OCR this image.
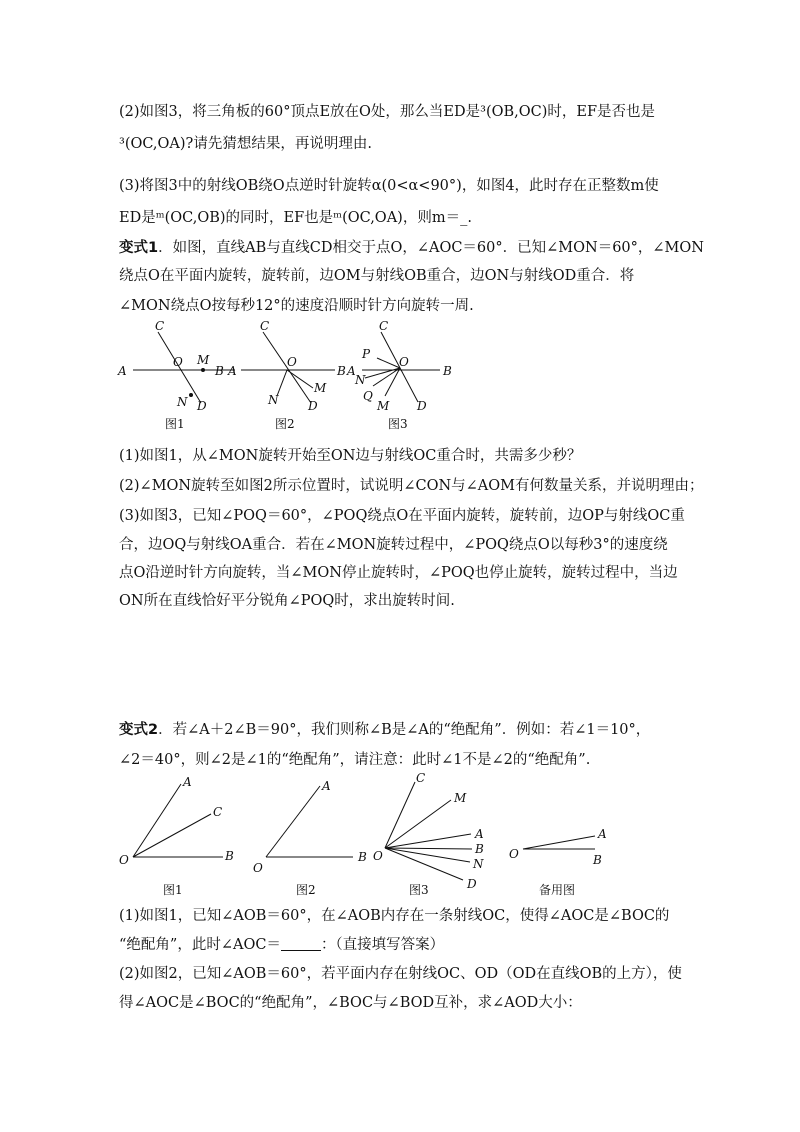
(2)如图3，将三角板的60°顶点E放在O处，那么当ED是³(OB,OC)时，EF是否也是
³(OC,OA)?请先猜想结果，再说明理由.
(3)将图3中的射线OB绕O点逆时针旋转α(0<α<90°)，如图4，此时存在正整数m使
ED是ᵐ(OC,OB)的同时，EF也是ᵐ(OC,OA)，则m＝_.
变式1．如图，直线AB与直线CD相交于点O，∠AOC＝60°．已知∠MON＝60°，∠MON
绕点O在平面内旋转，旋转前，边OM与射线OB重合，边ON与射线OD重合．将
∠MON绕点O按每秒12°的速度沿顺时针方向旋转一周.
A
C
O M
B
N D
图1
A
C
O
M
B
N D
图2
C
P
O
A
N
B
Q
M D
图3
(1)如图1，从∠MON旋转开始至ON边与射线OC重合时，共需多少秒？
(2)∠MON旋转至如图2所示位置时，试说明∠CON与∠AOM有何数量关系，并说明理由；
(3)如图3，已知∠POQ＝60°，∠POQ绕点O在平面内旋转，旋转前，边OP与射线OC重
合，边OQ与射线OA重合．若在∠MON旋转过程中，∠POQ绕点O以每秒3°的速度绕
点O沿逆时针方向旋转，当∠MON停止旋转时，∠POQ也停止旋转，旋转过程中，当边
ON所在直线恰好平分锐角∠POQ时，求出旋转时间.
变式2．若∠A＋2∠B＝90°，我们则称∠B是∠A的“绝配角”．例如：若∠1＝10°，
∠2＝40°，则∠2是∠1的“绝配角”，请注意：此时∠1不是∠2的“绝配角”.
A
C
O	B
图1
A
O
B
图2
C
M
A
B
N
D
O
图3
A
O	B
备用图
(1)如图1，已知∠AOB＝60°，在∠AOB内存在一条射线OC，使得∠AOC是∠BOC的
“绝配角”，此时∠AOC＝	：（直接填写答案）
(2)如图2，已知∠AOB＝60°，若平面内存在射线OC、OD（OD在直线OB的上方），使
得∠AOC是∠BOC的“绝配角”，∠BOC与∠BOD互补，求∠AOD大小：
